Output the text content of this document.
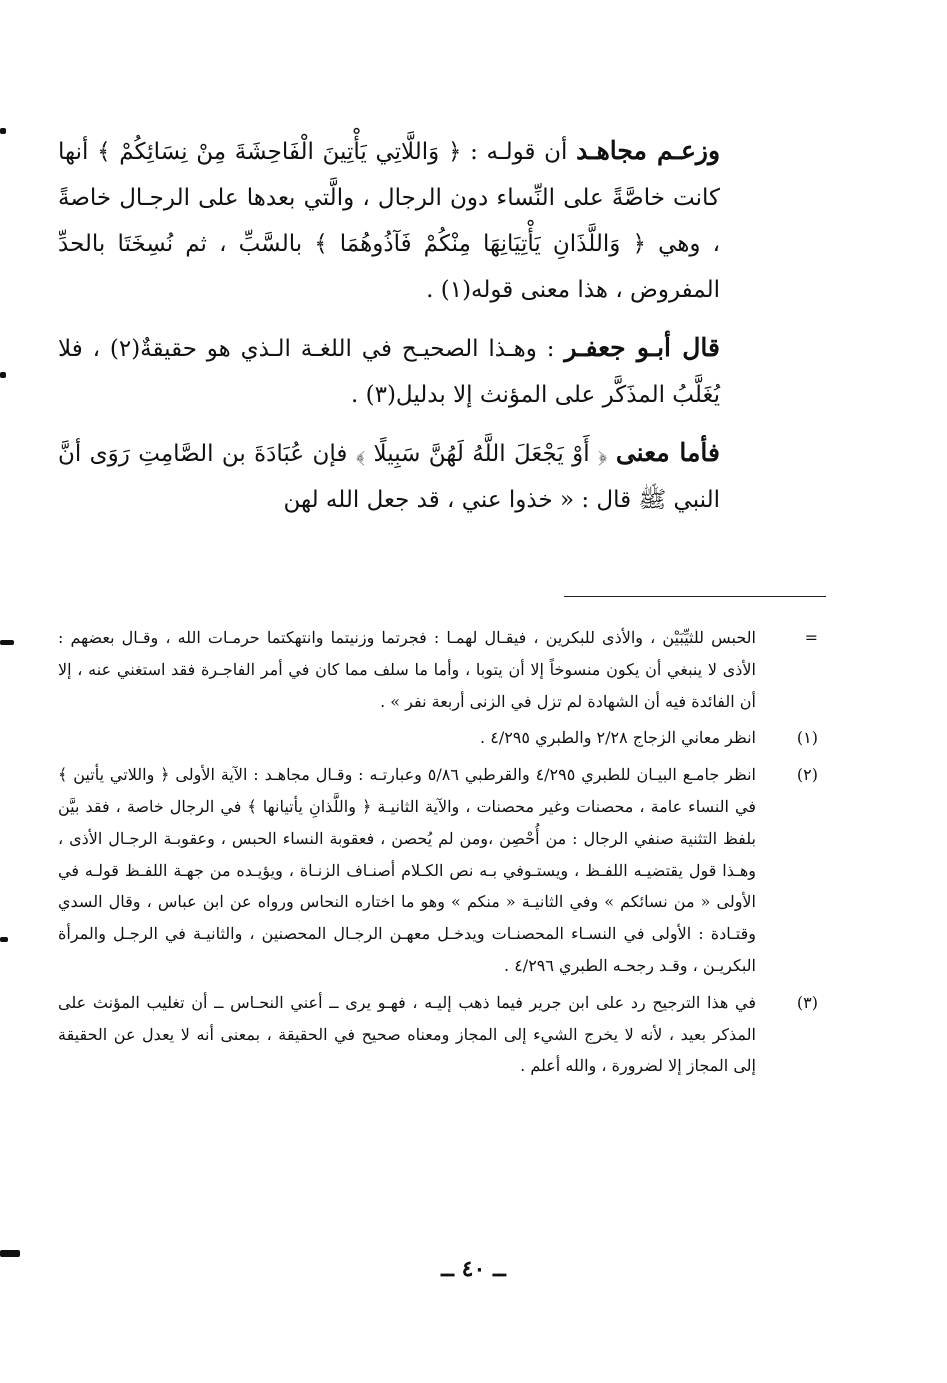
وزعـم مجاهـد أن قولـه : ﴿ وَاللَّاتِي يَأْتِينَ الْفَاحِشَةَ مِنْ نِسَائِكُمْ ﴾ أنها كانت خاصَّةً على النِّساء دون الرجال ، والَّتي بعدها على الرجـال خاصةً ، وهي ﴿ وَاللَّذَانِ يَأْتِيَانِهَا مِنْكُمْ فَآذُوهُمَا ﴾ بالسَّبِّ ، ثم نُسِخَتَا بالحدِّ المفروض ، هذا معنى قوله(١) .

قال أبـو جعفـر : وهـذا الصحيـح في اللغـة الـذي هو حقيقةٌ(٢) ، فلا يُغَلَّبُ المذَكَّر على المؤنث إلا بدليل(٣) .

فأما معنى ﴿ أَوْ يَجْعَلَ اللَّهُ لَهُنَّ سَبِيلًا ﴾ فإن عُبَادَةَ بن الصَّامِتِ رَوَى أنَّ النبي ﷺ قال : « خذوا عني ، قد جعل الله لهن

=
الحبس للثيِّبَيْن ، والأذى للبكرين ، فيقـال لهمـا : فجرتما وزنيتما وانتهكتما حرمـات الله ، وقـال بعضهم : الأذى لا ينبغي أن يكون منسوخاً إلا أن يتوبا ، وأما ما سلف مما كان في أمر الفاجـرة فقد استغني عنه ، إلا أن الفائدة فيه أن الشهادة لم تزل في الزنى أربعة نفر » .
(١)
انظر معاني الزجاج ٢/٢٨ والطبري ٤/٢٩٥ .
(٢)
انظر جامـع البيـان للطبري ٤/٢٩٥ والقرطبي ٥/٨٦ وعبارتـه : وقـال مجاهـد : الآية الأولى ﴿ واللاتي يأتين ﴾ في النساء عامة ، محصنات وغير محصنات ، والآية الثانيـة ﴿ واللَّذانِ يأتيانها ﴾ في الرجال خاصة ، فقد بيَّن بلفظ التثنية صنفي الرجال : من أُحْصِن ،ومن لم يُحصن ، فعقوبة النساء الحبس ، وعقوبـة الرجـال الأذى ، وهـذا قول يقتضيـه اللفـظ ، ويستـوفي بـه نص الكـلام أصنـاف الزنـاة ، ويؤيـده من جهـة اللفـظ قولـه في الأولى « من نسائكم » وفي الثانيـة « منكم » وهو ما اختاره النحاس ورواه عن ابن عباس ، وقال السدي وقتـادة : الأولى في النسـاء المحصنـات ويدخـل معهـن الرجـال المحصنين ، والثانيـة في الرجـل والمرأة البكريـن ، وقـد رجحـه الطبري ٤/٢٩٦ .
(٣)
في هذا الترجيح رد على ابن جرير فيما ذهب إليـه ، فهـو يرى ــ أعني النحـاس ــ أن تغليب المؤنث على المذكر بعيد ، لأنه لا يخرج الشيء إلى المجاز ومعناه صحيح في الحقيقة ، بمعنى أنه لا يعدل عن الحقيقة إلى المجاز إلا لضرورة ، والله أعلم .
ــ ٤٠ ــ
